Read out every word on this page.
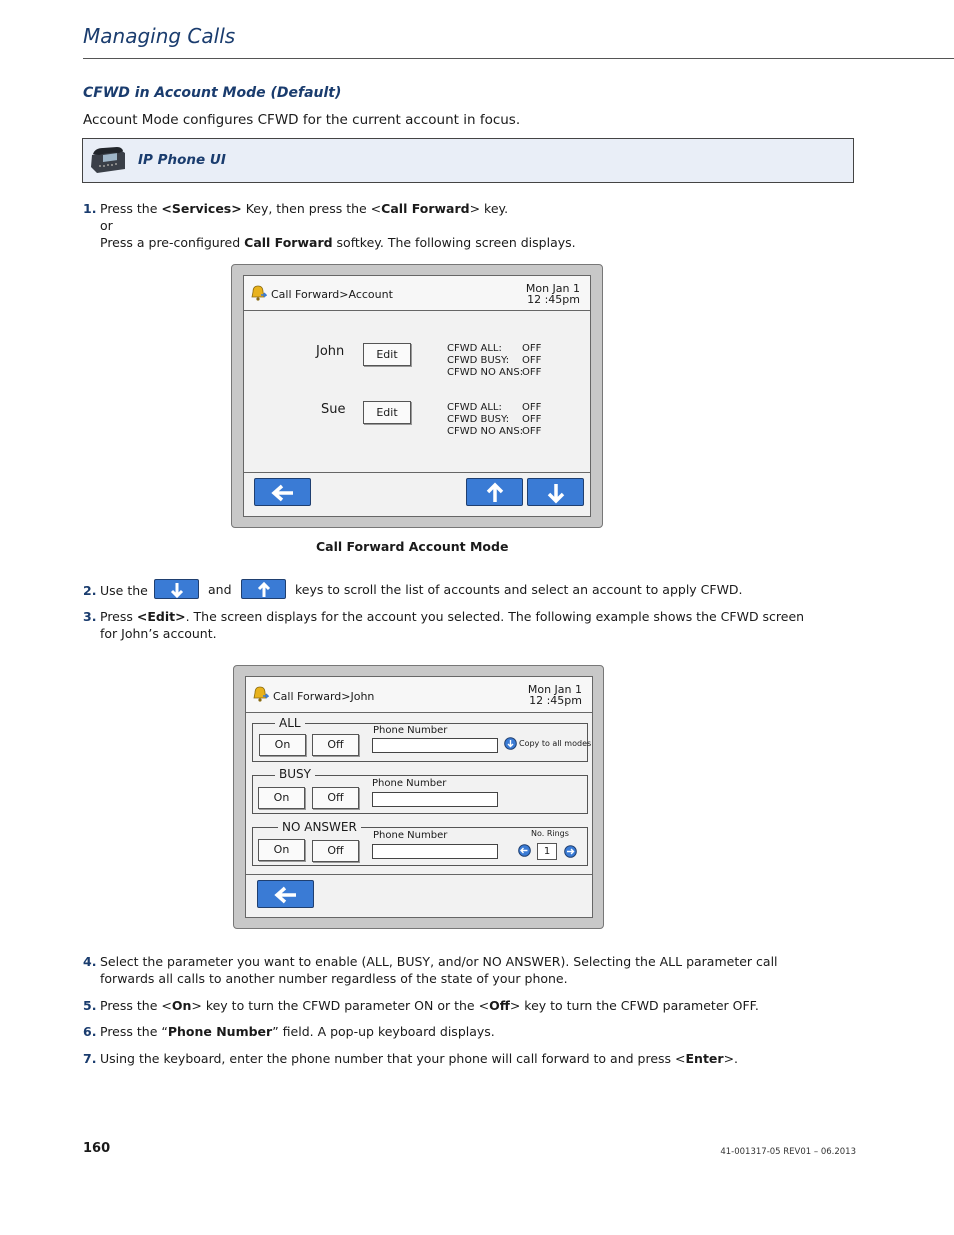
Managing Calls
CFWD in Account Mode (Default)
Account Mode configures CFWD for the current account in focus.
IP Phone UI
1. Press the <Services> Key, then press the <Call Forward> key.
or
Press a pre-configured Call Forward softkey. The following screen displays.
Call Forward>Account	Mon Jan 1
12 :45pm
John	Edit	CFWD ALL: OFF
CFWD BUSY: OFF
CFWD NO ANS:OFF
Sue	Edit	CFWD ALL: OFF
CFWD BUSY: OFF
CFWD NO ANS:OFF
Call Forward Account Mode
2. Use the	and	keys to scroll the list of accounts and select an account to apply CFWD.
3. Press <Edit>. The screen displays for the account you selected. The following example shows the CFWD screen
for John’s account.
Call Forward>John
Mon Jan 1
12 :45pm
ALL
On	Off
Phone Number
Copy to all modes
BUSY
On	Off
Phone Number
NO ANSWER
On	Off
Phone Number	No. Rings
1
4. Select the parameter you want to enable (ALL, BUSY, and/or NO ANSWER). Selecting the ALL parameter call
forwards all calls to another number regardless of the state of your phone.
5. Press the <On> key to turn the CFWD parameter ON or the <Off> key to turn the CFWD parameter OFF.
6. Press the “Phone Number” field. A pop-up keyboard displays.
7. Using the keyboard, enter the phone number that your phone will call forward to and press <Enter>.
160	41-001317-05 REV01 – 06.2013
